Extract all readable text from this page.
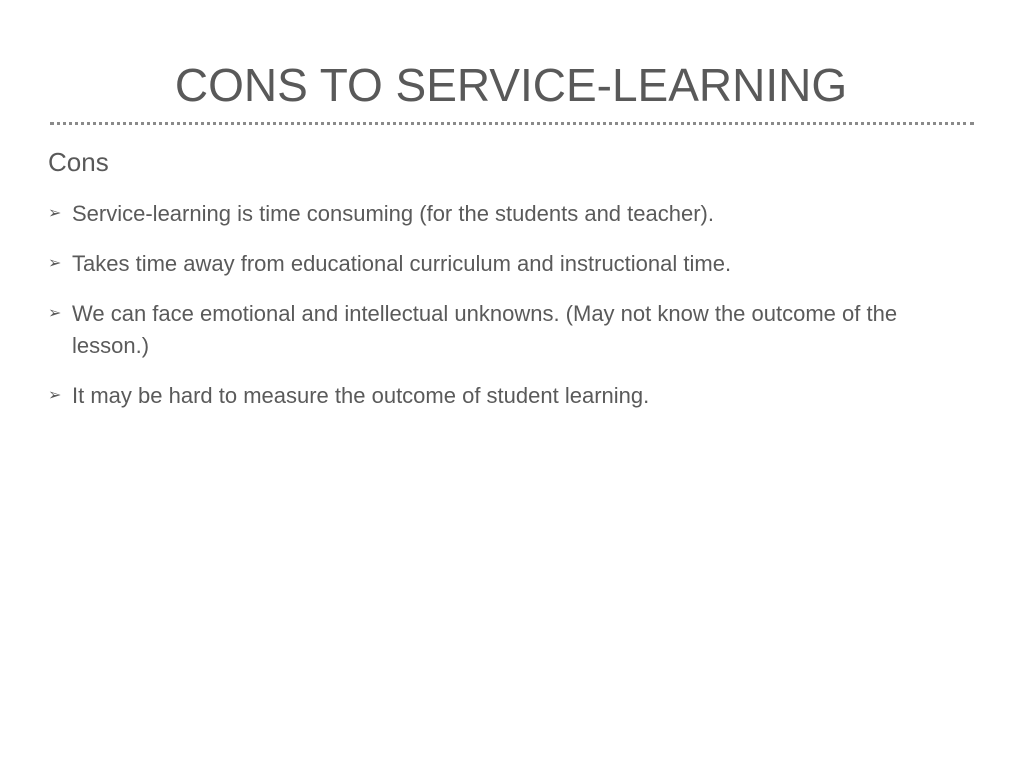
CONS TO SERVICE-LEARNING
Cons
➢ Service-learning is time consuming (for the students and teacher).
➢ Takes time away from educational curriculum and instructional time.
➢ We can face emotional and intellectual unknowns. (May not know the outcome of the lesson.)
➢ It may be hard to measure the outcome of student learning.
